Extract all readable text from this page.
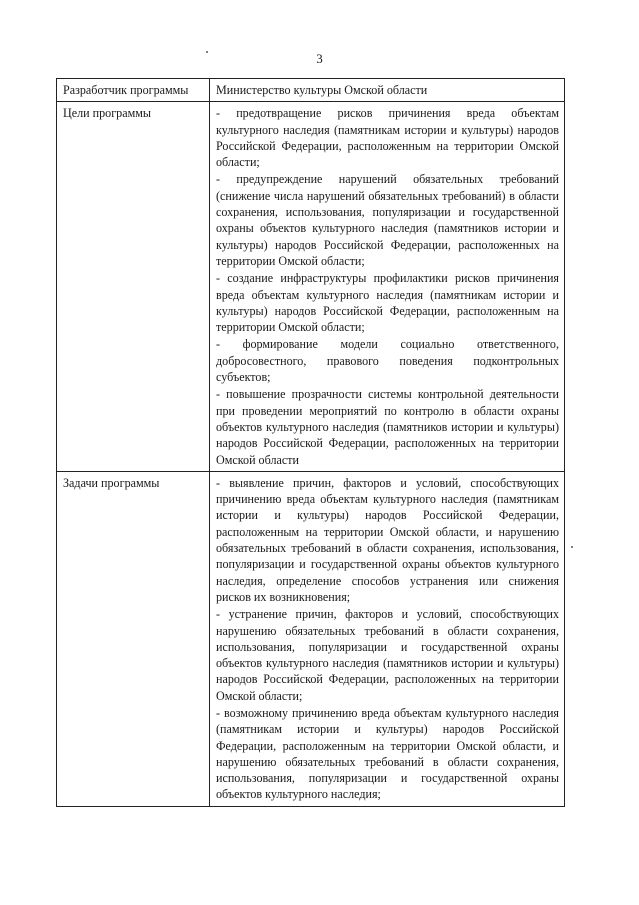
3
Разработчик программы	Министерство культуры Омской области

Цели программы	- предотвращение рисков причинения вреда объектам культурного наследия (памятникам истории и культуры) народов Российской Федерации, расположенным на территории Омской области;

- предупреждение нарушений обязательных требований (снижение числа нарушений обязательных требований) в области сохранения, использования, популяризации и государственной охраны объектов культурного наследия (памятников истории и культуры) народов Российской Федерации, расположенных на территории Омской области;

- создание инфраструктуры профилактики рисков причинения вреда объектам культурного наследия (памятникам истории и культуры) народов Российской Федерации, расположенным на территории Омской области;

- формирование модели социально ответственного, добросовестного, правового поведения подконтрольных субъектов;

- повышение прозрачности системы контрольной деятельности при проведении мероприятий по контролю в области охраны объектов культурного наследия (памятников истории и культуры) народов Российской Федерации, расположенных на территории Омской области

Задачи программы	- выявление причин, факторов и условий, способствующих причинению вреда объектам культурного наследия (памятникам истории и культуры) народов Российской Федерации, расположенным на территории Омской области, и нарушению обязательных требований в области сохранения, использования, популяризации и государственной охраны объектов культурного наследия, определение способов устранения или снижения рисков их возникновения;

- устранение причин, факторов и условий, способствующих нарушению обязательных требований в области сохранения, использования, популяризации и государственной охраны объектов культурного наследия (памятников истории и культуры) народов Российской Федерации, расположенных на территории Омской области;

- возможному причинению вреда объектам культурного наследия (памятникам истории и культуры) народов Российской Федерации, расположенным на территории Омской области, и нарушению обязательных требований в области сохранения, использования, популяризации и государственной охраны объектов культурного наследия;
